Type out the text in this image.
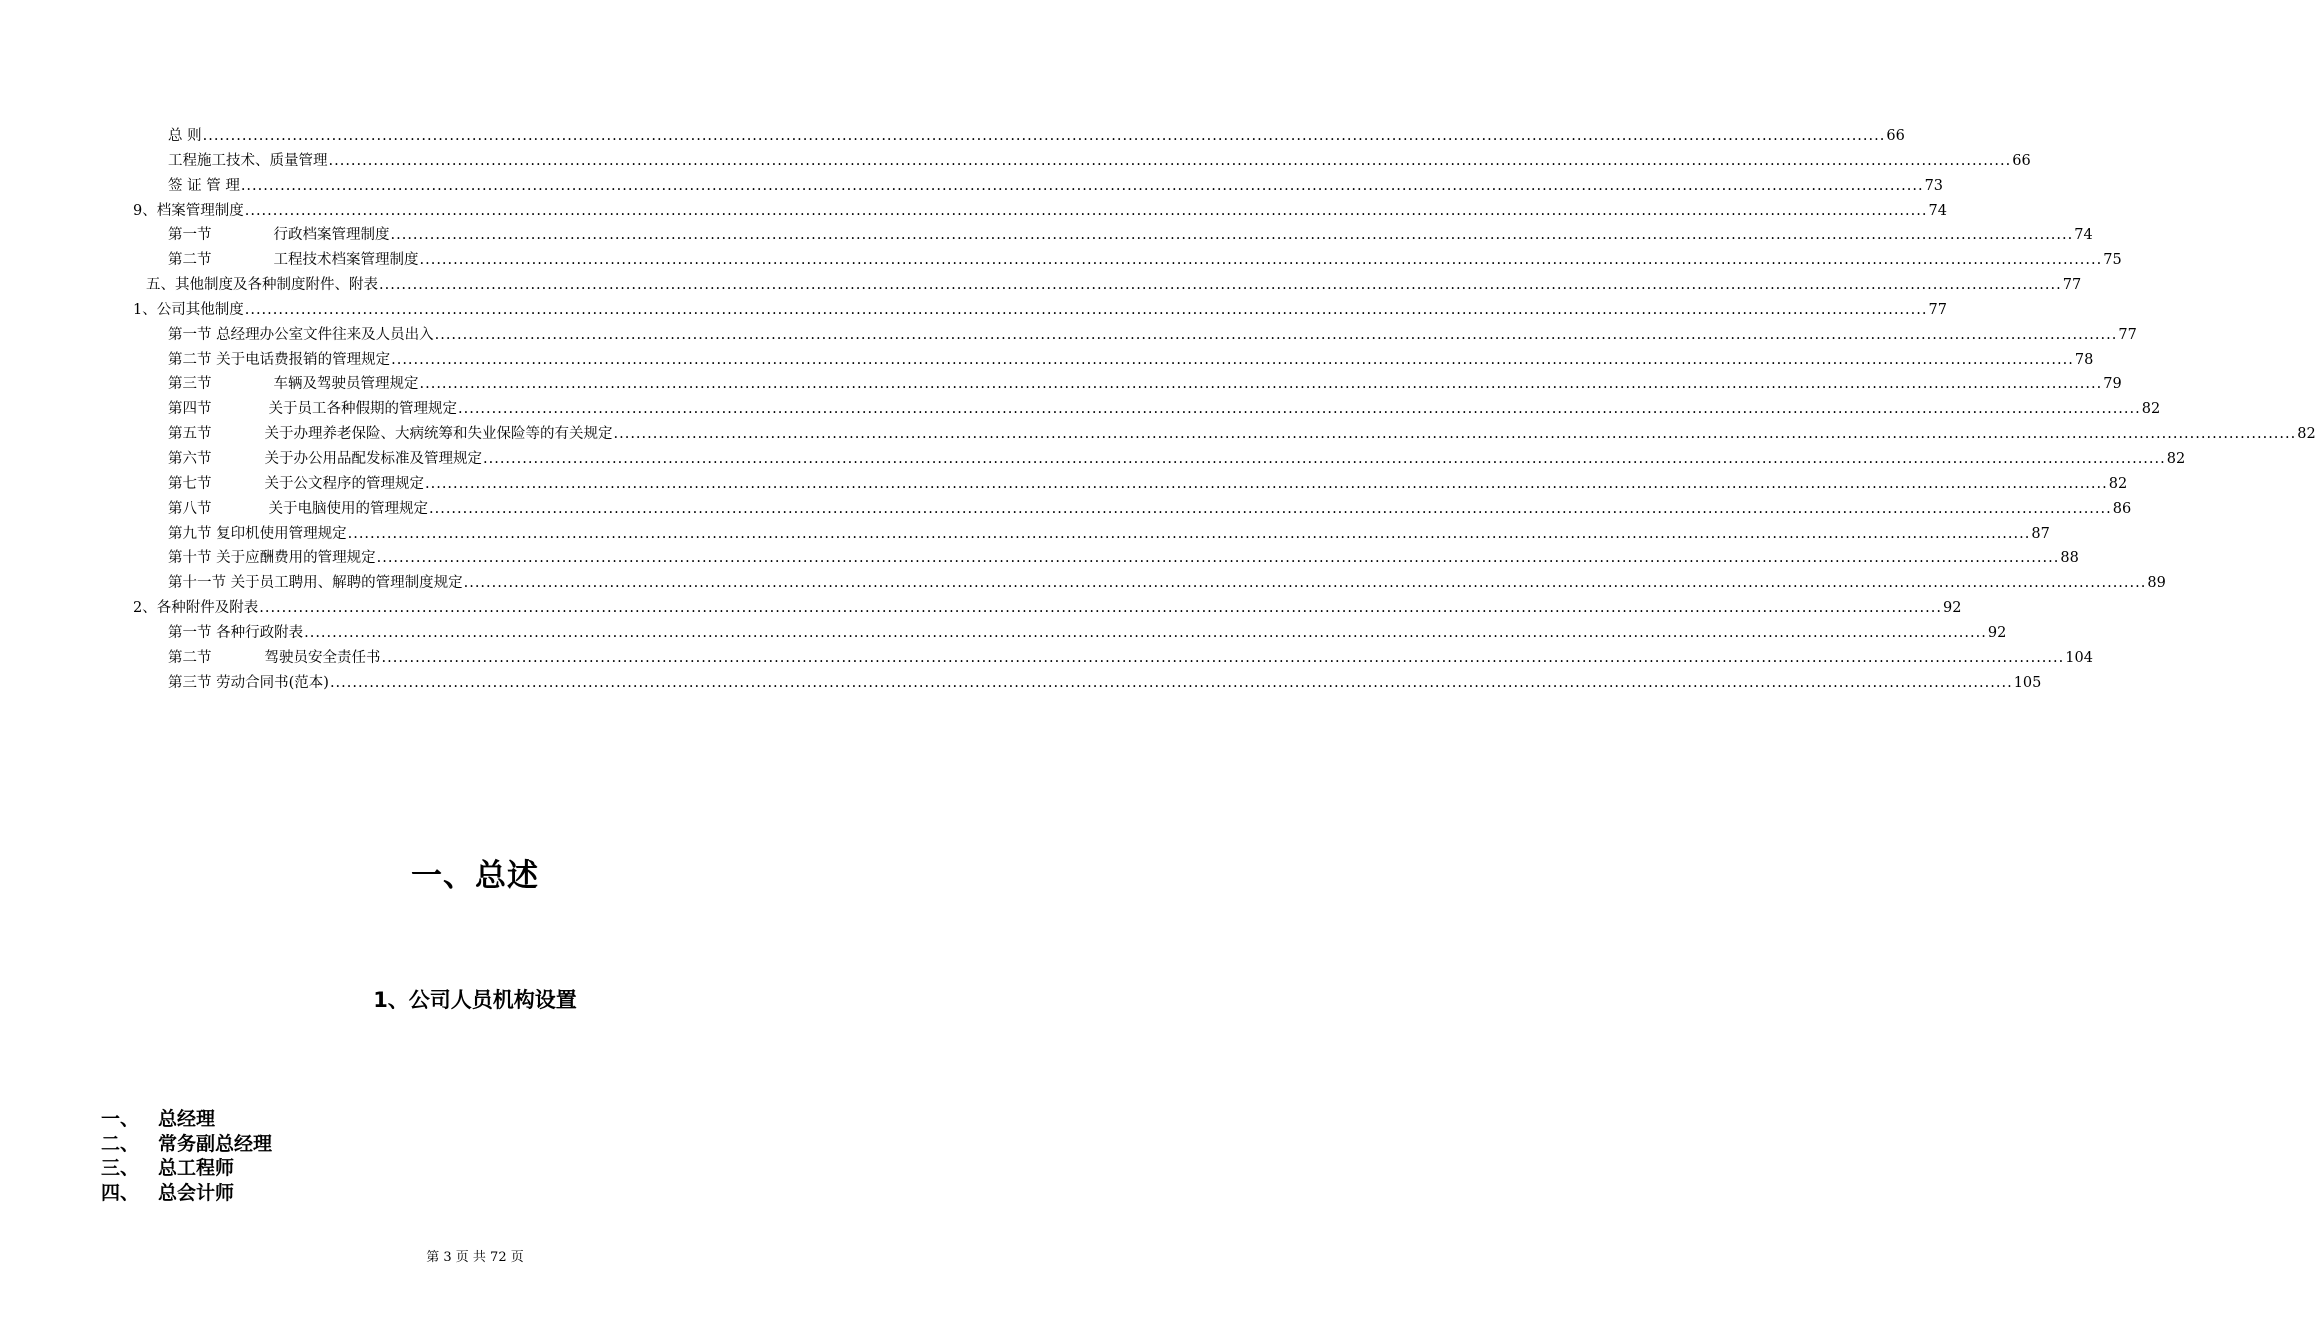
总 则 ............................................................................................................................................................................................................................................................................................................ 66
工程施工技术、质量管理 ............................................................................................................................................................................................................................................................................................................ 66
签 证 管 理 ............................................................................................................................................................................................................................................................................................................ 73
9、档案管理制度 ............................................................................................................................................................................................................................................................................................................ 74
第一节	行政档案管理制度 ............................................................................................................................................................................................................................................................................................................ 74
第二节	工程技术档案管理制度 ............................................................................................................................................................................................................................................................................................................ 75
五、其他制度及各种制度附件、附表 ............................................................................................................................................................................................................................................................................................................ 77
1、公司其他制度 ............................................................................................................................................................................................................................................................................................................ 77
第一节 总经理办公室文件往来及人员出入 ............................................................................................................................................................................................................................................................................................................ 77
第二节 关于电话费报销的管理规定 ............................................................................................................................................................................................................................................................................................................ 78
第三节	车辆及驾驶员管理规定 ............................................................................................................................................................................................................................................................................................................ 79
第四节	关于员工各种假期的管理规定 ............................................................................................................................................................................................................................................................................................................ 82
第五节	关于办理养老保险、大病统筹和失业保险等的有关规定 ............................................................................................................................................................................................................................................................................................................ 82
第六节	关于办公用品配发标准及管理规定 ............................................................................................................................................................................................................................................................................................................ 82
第七节	关于公文程序的管理规定 ............................................................................................................................................................................................................................................................................................................ 82
第八节	关于电脑使用的管理规定 ............................................................................................................................................................................................................................................................................................................ 86
第九节 复印机使用管理规定 ............................................................................................................................................................................................................................................................................................................ 87
第十节 关于应酬费用的管理规定 ............................................................................................................................................................................................................................................................................................................ 88
第十一节 关于员工聘用、解聘的管理制度规定 ............................................................................................................................................................................................................................................................................................................ 89
2、各种附件及附表 ............................................................................................................................................................................................................................................................................................................ 92
第一节 各种行政附表 ............................................................................................................................................................................................................................................................................................................ 92
第二节	驾驶员安全责任书 ............................................................................................................................................................................................................................................................................................................ 104
第三节 劳动合同书(范本) ............................................................................................................................................................................................................................................................................................................ 105
一、总述
1、公司人员机构设置
一、 总经理
二、 常务副总经理
三、 总工程师
四、 总会计师
第 3 页 共 72 页
